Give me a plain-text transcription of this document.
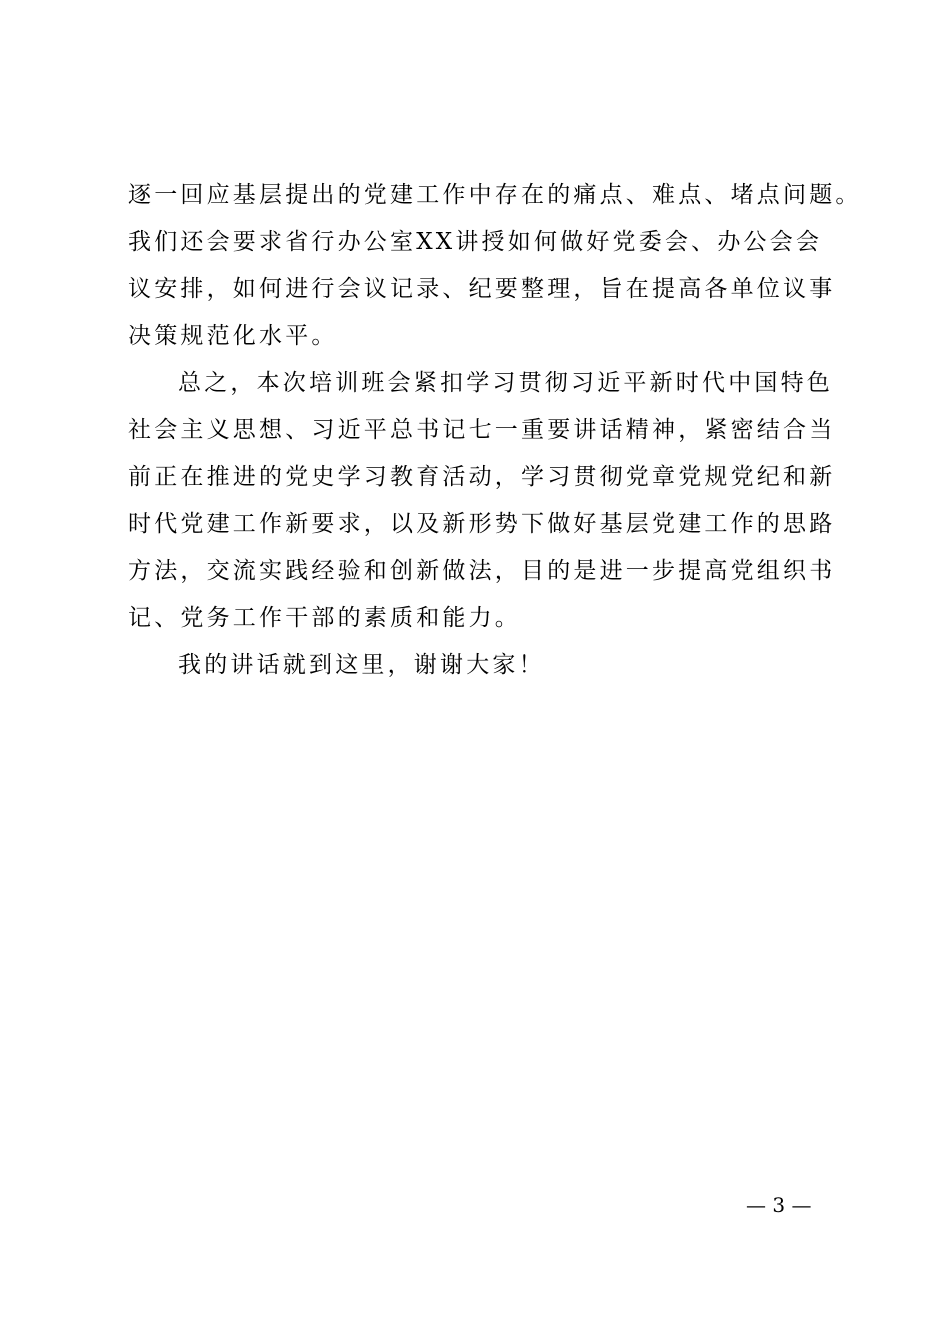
逐一回应基层提出的党建工作中存在的痛点、难点、堵点问题。
我们还会要求省行办公室XX讲授如何做好党委会、办公会会
议安排，如何进行会议记录、纪要整理，旨在提高各单位议事
决策规范化水平。
总之，本次培训班会紧扣学习贯彻习近平新时代中国特色
社会主义思想、习近平总书记七一重要讲话精神，紧密结合当
前正在推进的党史学习教育活动，学习贯彻党章党规党纪和新
时代党建工作新要求，以及新形势下做好基层党建工作的思路
方法，交流实践经验和创新做法，目的是进一步提高党组织书
记、党务工作干部的素质和能力。
我的讲话就到这里，谢谢大家！
— 3 —
